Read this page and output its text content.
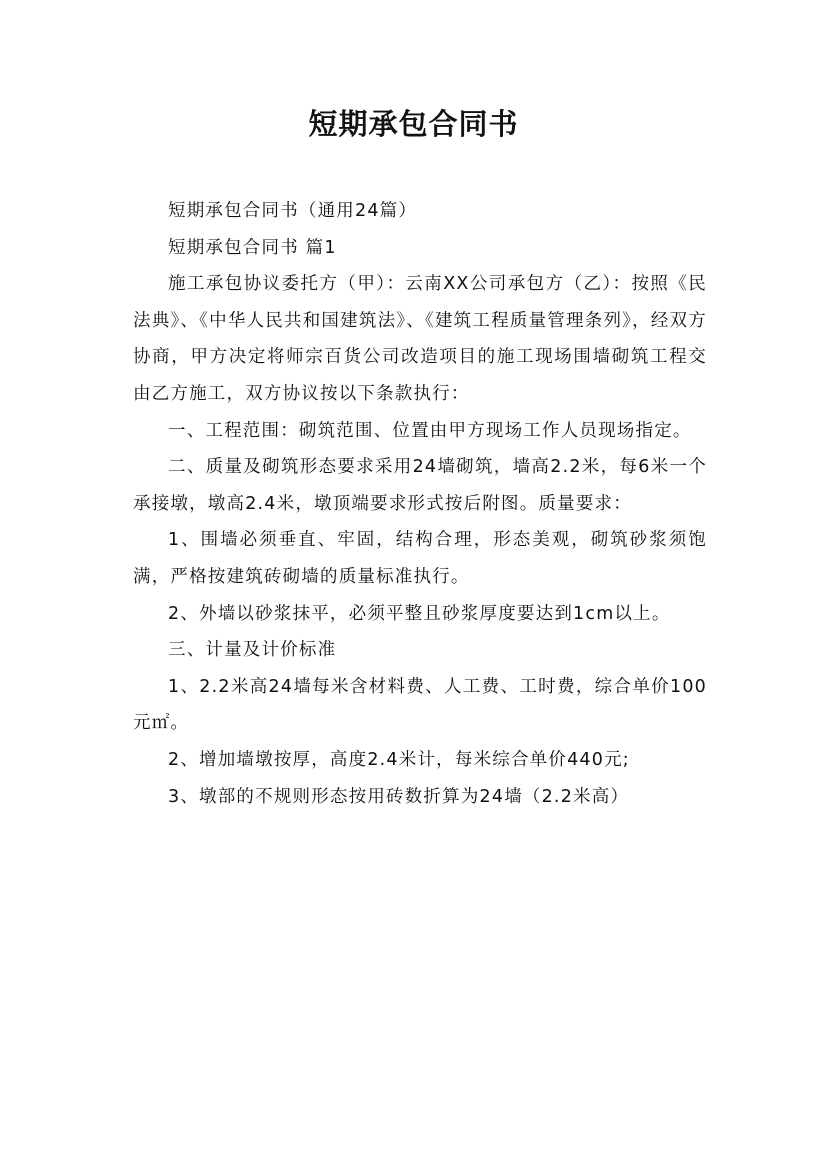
短期承包合同书

短期承包合同书（通用24篇）

短期承包合同书 篇1

施工承包协议委托方（甲）：云南XX公司承包方（乙）：按照《民法典》、《中华人民共和国建筑法》、《建筑工程质量管理条列》，经双方协商，甲方决定将师宗百货公司改造项目的施工现场围墙砌筑工程交由乙方施工，双方协议按以下条款执行：

一、工程范围：砌筑范围、位置由甲方现场工作人员现场指定。

二、质量及砌筑形态要求采用24墙砌筑，墙高2.2米，每6米一个承接墩，墩高2.4米，墩顶端要求形式按后附图。质量要求：

1、围墙必须垂直、牢固，结构合理，形态美观，砌筑砂浆须饱满，严格按建筑砖砌墙的质量标准执行。

2、外墙以砂浆抹平，必须平整且砂浆厚度要达到1cm以上。

三、计量及计价标准

1、2.2米高24墙每米含材料费、人工费、工时费，综合单价100元㎡。

2、增加墙墩按厚，高度2.4米计，每米综合单价440元;

3、墩部的不规则形态按用砖数折算为24墙（2.2米高）
